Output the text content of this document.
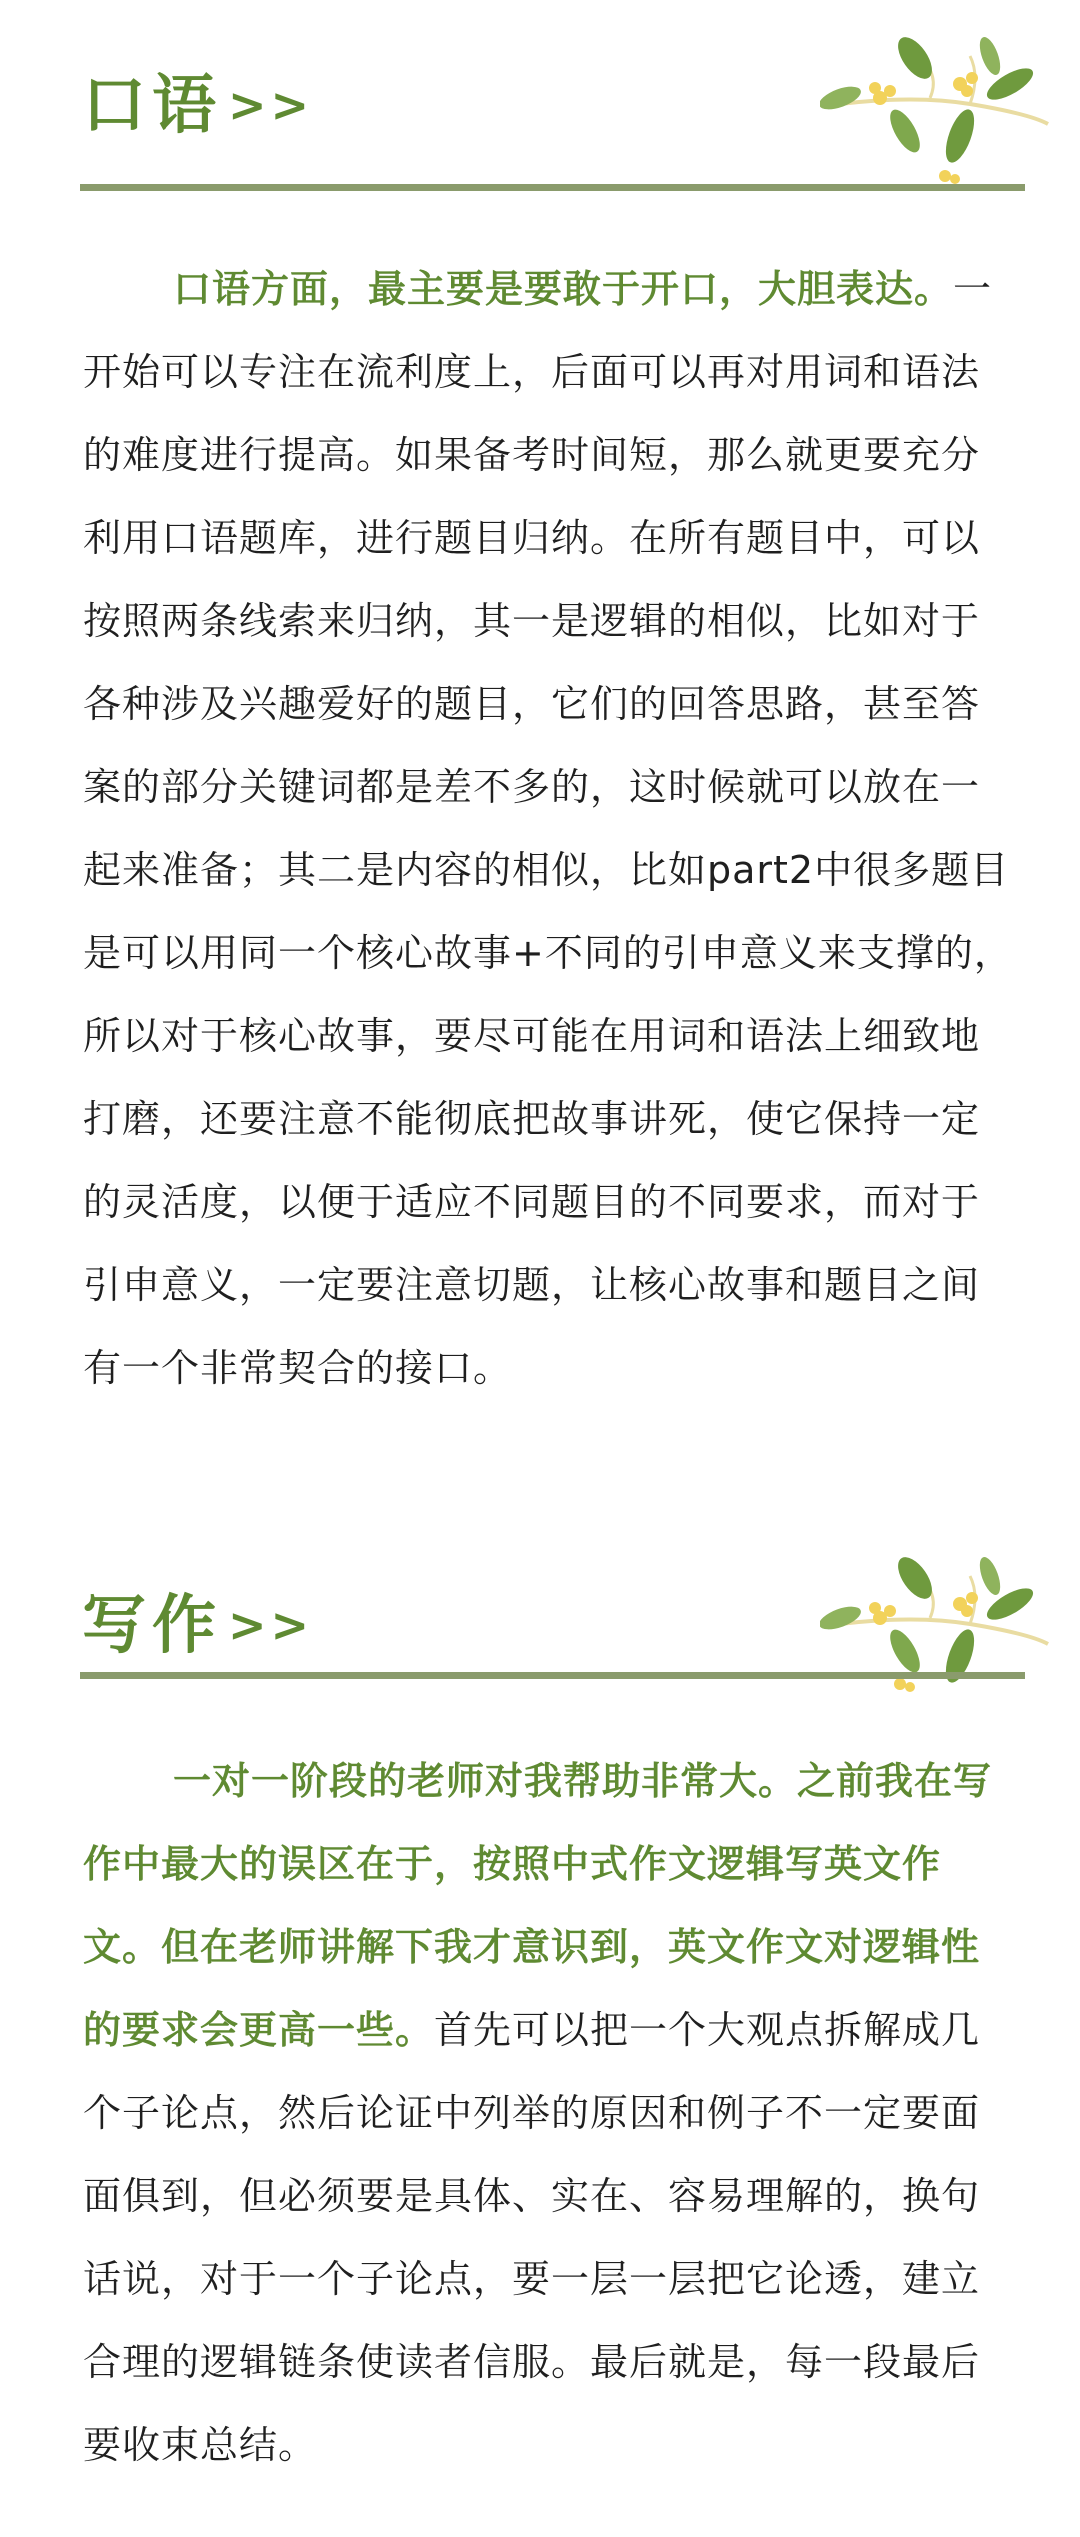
口语 >>

口语方面，最主要是要敢于开口，大胆表达。一开始可以专注在流利度上，后面可以再对用词和语法的难度进行提高。如果备考时间短，那么就更要充分利用口语题库，进行题目归纳。在所有题目中，可以按照两条线索来归纳，其一是逻辑的相似，比如对于各种涉及兴趣爱好的题目，它们的回答思路，甚至答案的部分关键词都是差不多的，这时候就可以放在一起来准备；其二是内容的相似，比如part2中很多题目是可以用同一个核心故事+不同的引申意义来支撑的，所以对于核心故事，要尽可能在用词和语法上细致地打磨，还要注意不能彻底把故事讲死，使它保持一定的灵活度，以便于适应不同题目的不同要求，而对于引申意义，一定要注意切题，让核心故事和题目之间有一个非常契合的接口。

写作 >>

一对一阶段的老师对我帮助非常大。之前我在写作中最大的误区在于，按照中式作文逻辑写英文作文。但在老师讲解下我才意识到，英文作文对逻辑性的要求会更高一些。首先可以把一个大观点拆解成几个子论点，然后论证中列举的原因和例子不一定要面面俱到，但必须要是具体、实在、容易理解的，换句话说，对于一个子论点，要一层一层把它论透，建立合理的逻辑链条使读者信服。最后就是，每一段最后要收束总结。
